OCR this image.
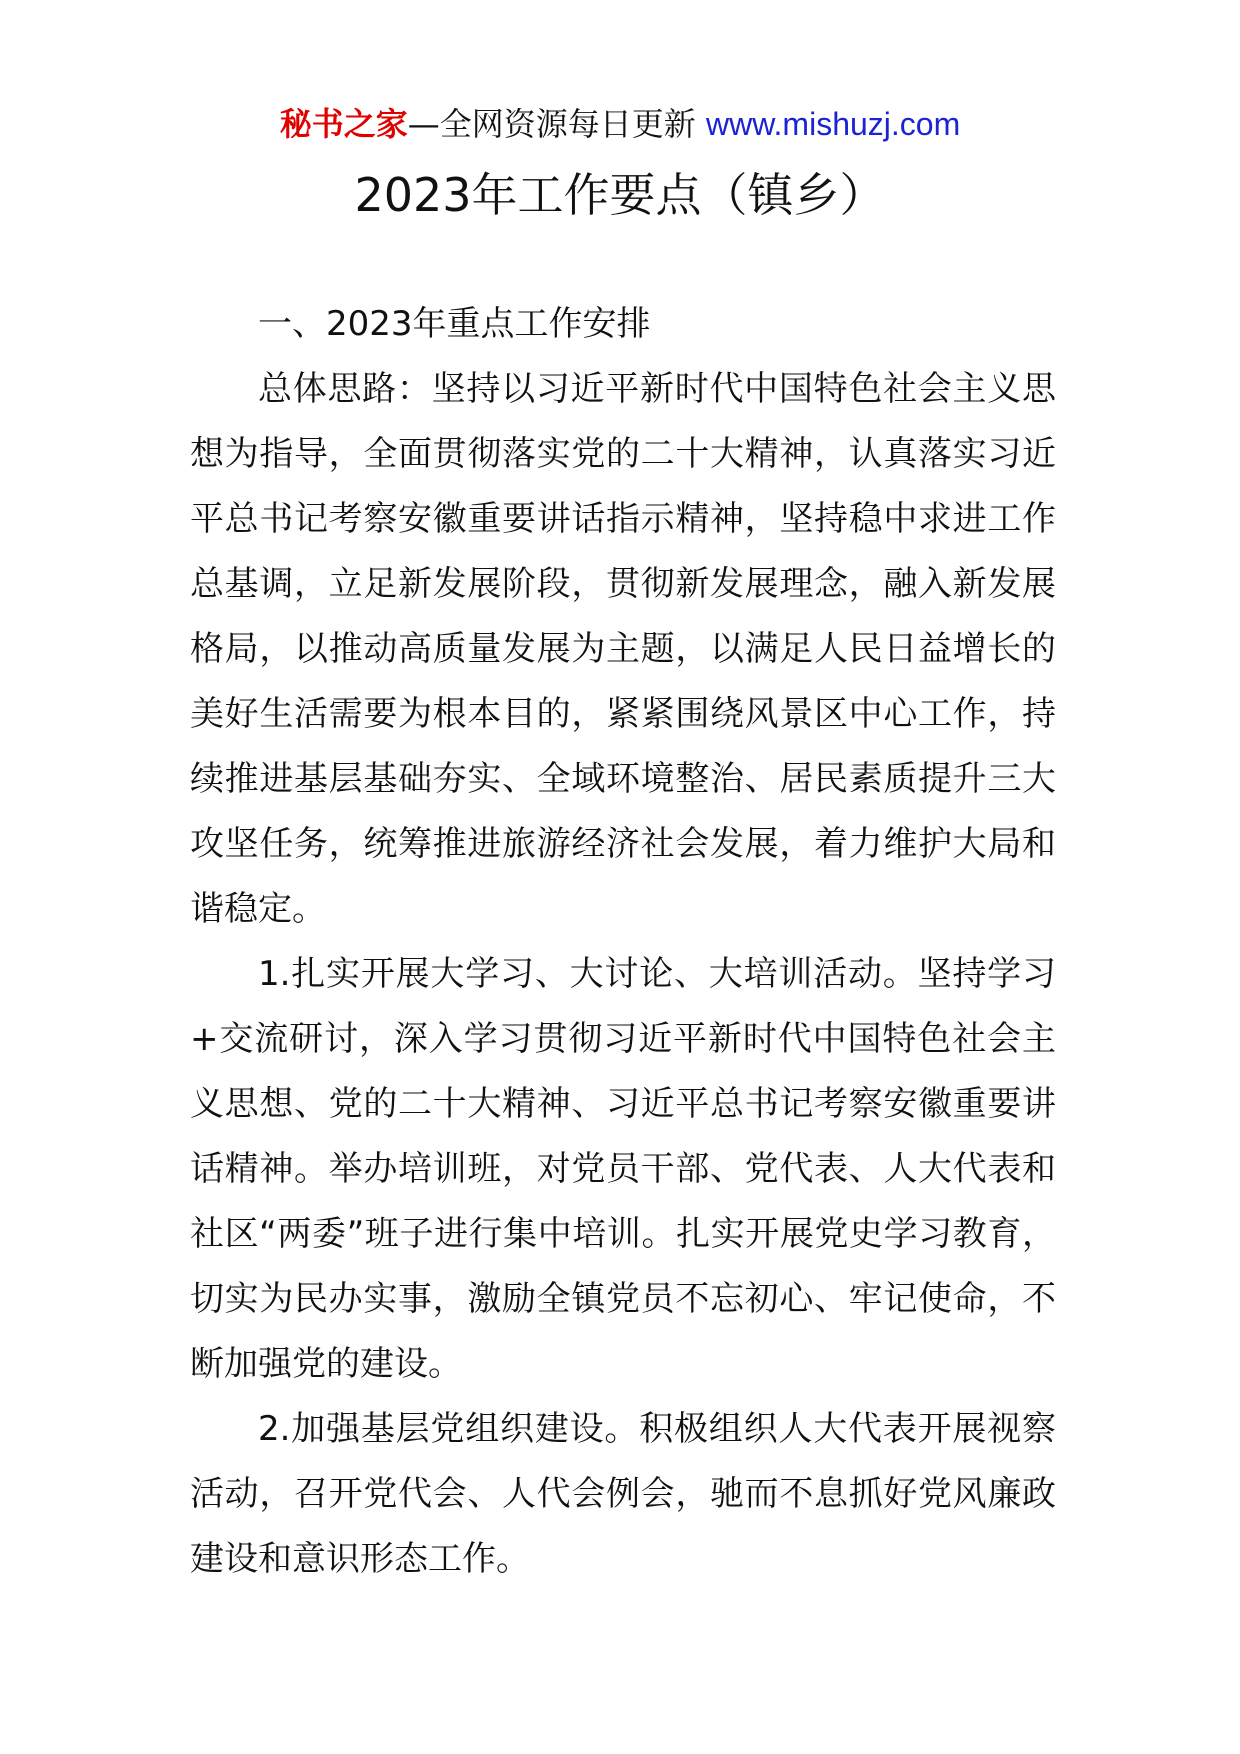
秘书之家—全网资源每日更新 www.mishuzj.com
2023年工作要点（镇乡）

一、2023年重点工作安排

总体思路：坚持以习近平新时代中国特色社会主义思想为指导，全面贯彻落实党的二十大精神，认真落实习近平总书记考察安徽重要讲话指示精神，坚持稳中求进工作总基调，立足新发展阶段，贯彻新发展理念，融入新发展格局，以推动高质量发展为主题，以满足人民日益增长的美好生活需要为根本目的，紧紧围绕风景区中心工作，持续推进基层基础夯实、全域环境整治、居民素质提升三大攻坚任务，统筹推进旅游经济社会发展，着力维护大局和谐稳定。

1.扎实开展大学习、大讨论、大培训活动。坚持学习+交流研讨，深入学习贯彻习近平新时代中国特色社会主义思想、党的二十大精神、习近平总书记考察安徽重要讲话精神。举办培训班，对党员干部、党代表、人大代表和社区“两委”班子进行集中培训。扎实开展党史学习教育，切实为民办实事，激励全镇党员不忘初心、牢记使命，不断加强党的建设。

2.加强基层党组织建设。积极组织人大代表开展视察活动，召开党代会、人代会例会，驰而不息抓好党风廉政建设和意识形态工作。
